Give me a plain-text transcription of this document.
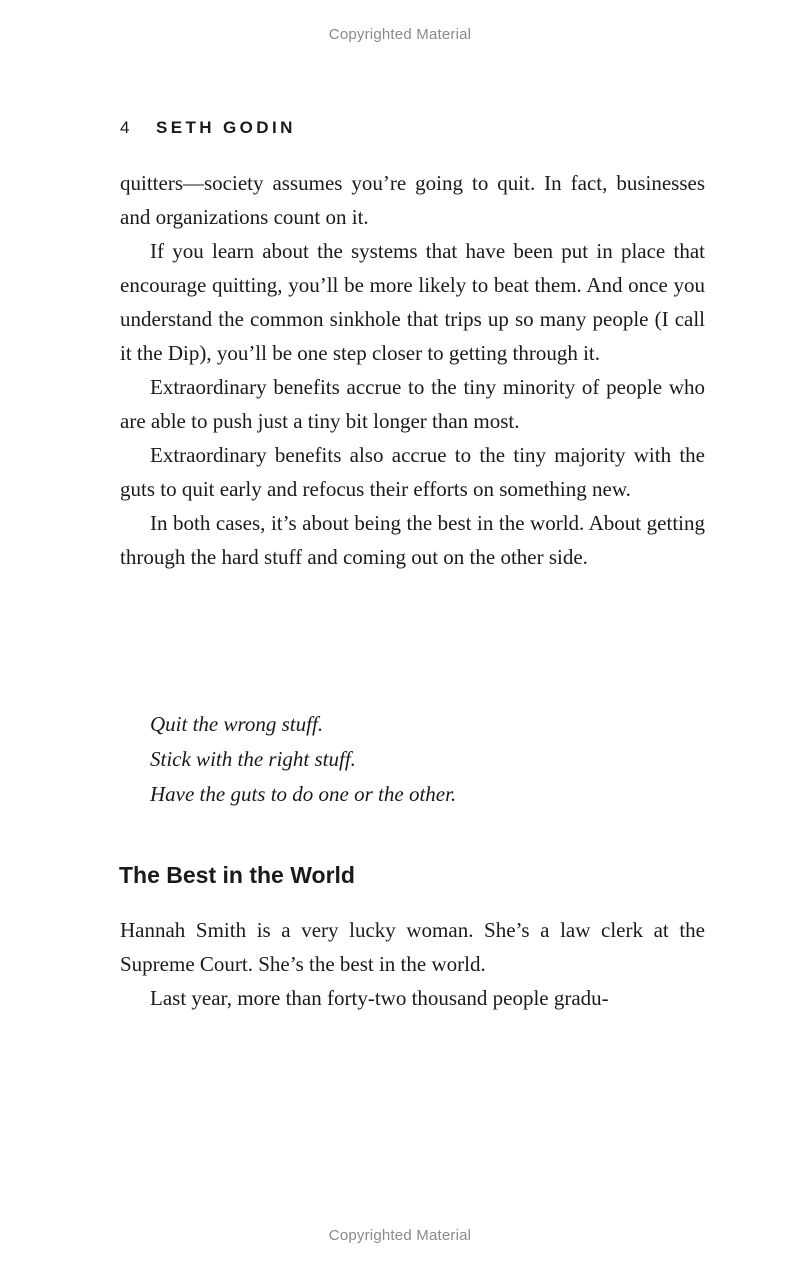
Copyrighted Material
4 SETH GODIN

quitters—society assumes you’re going to quit. In fact, businesses and organizations count on it.

If you learn about the systems that have been put in place that encourage quitting, you’ll be more likely to beat them. And once you understand the common sinkhole that trips up so many people (I call it the Dip), you’ll be one step closer to getting through it.

Extraordinary benefits accrue to the tiny minority of people who are able to push just a tiny bit longer than most.

Extraordinary benefits also accrue to the tiny majority with the guts to quit early and refocus their efforts on something new.

In both cases, it’s about being the best in the world. About getting through the hard stuff and coming out on the other side.

Quit the wrong stuff.
Stick with the right stuff.
Have the guts to do one or the other.
The Best in the World

Hannah Smith is a very lucky woman. She’s a law clerk at the Supreme Court. She’s the best in the world.

Last year, more than forty-two thousand people gradu-

Copyrighted Material
